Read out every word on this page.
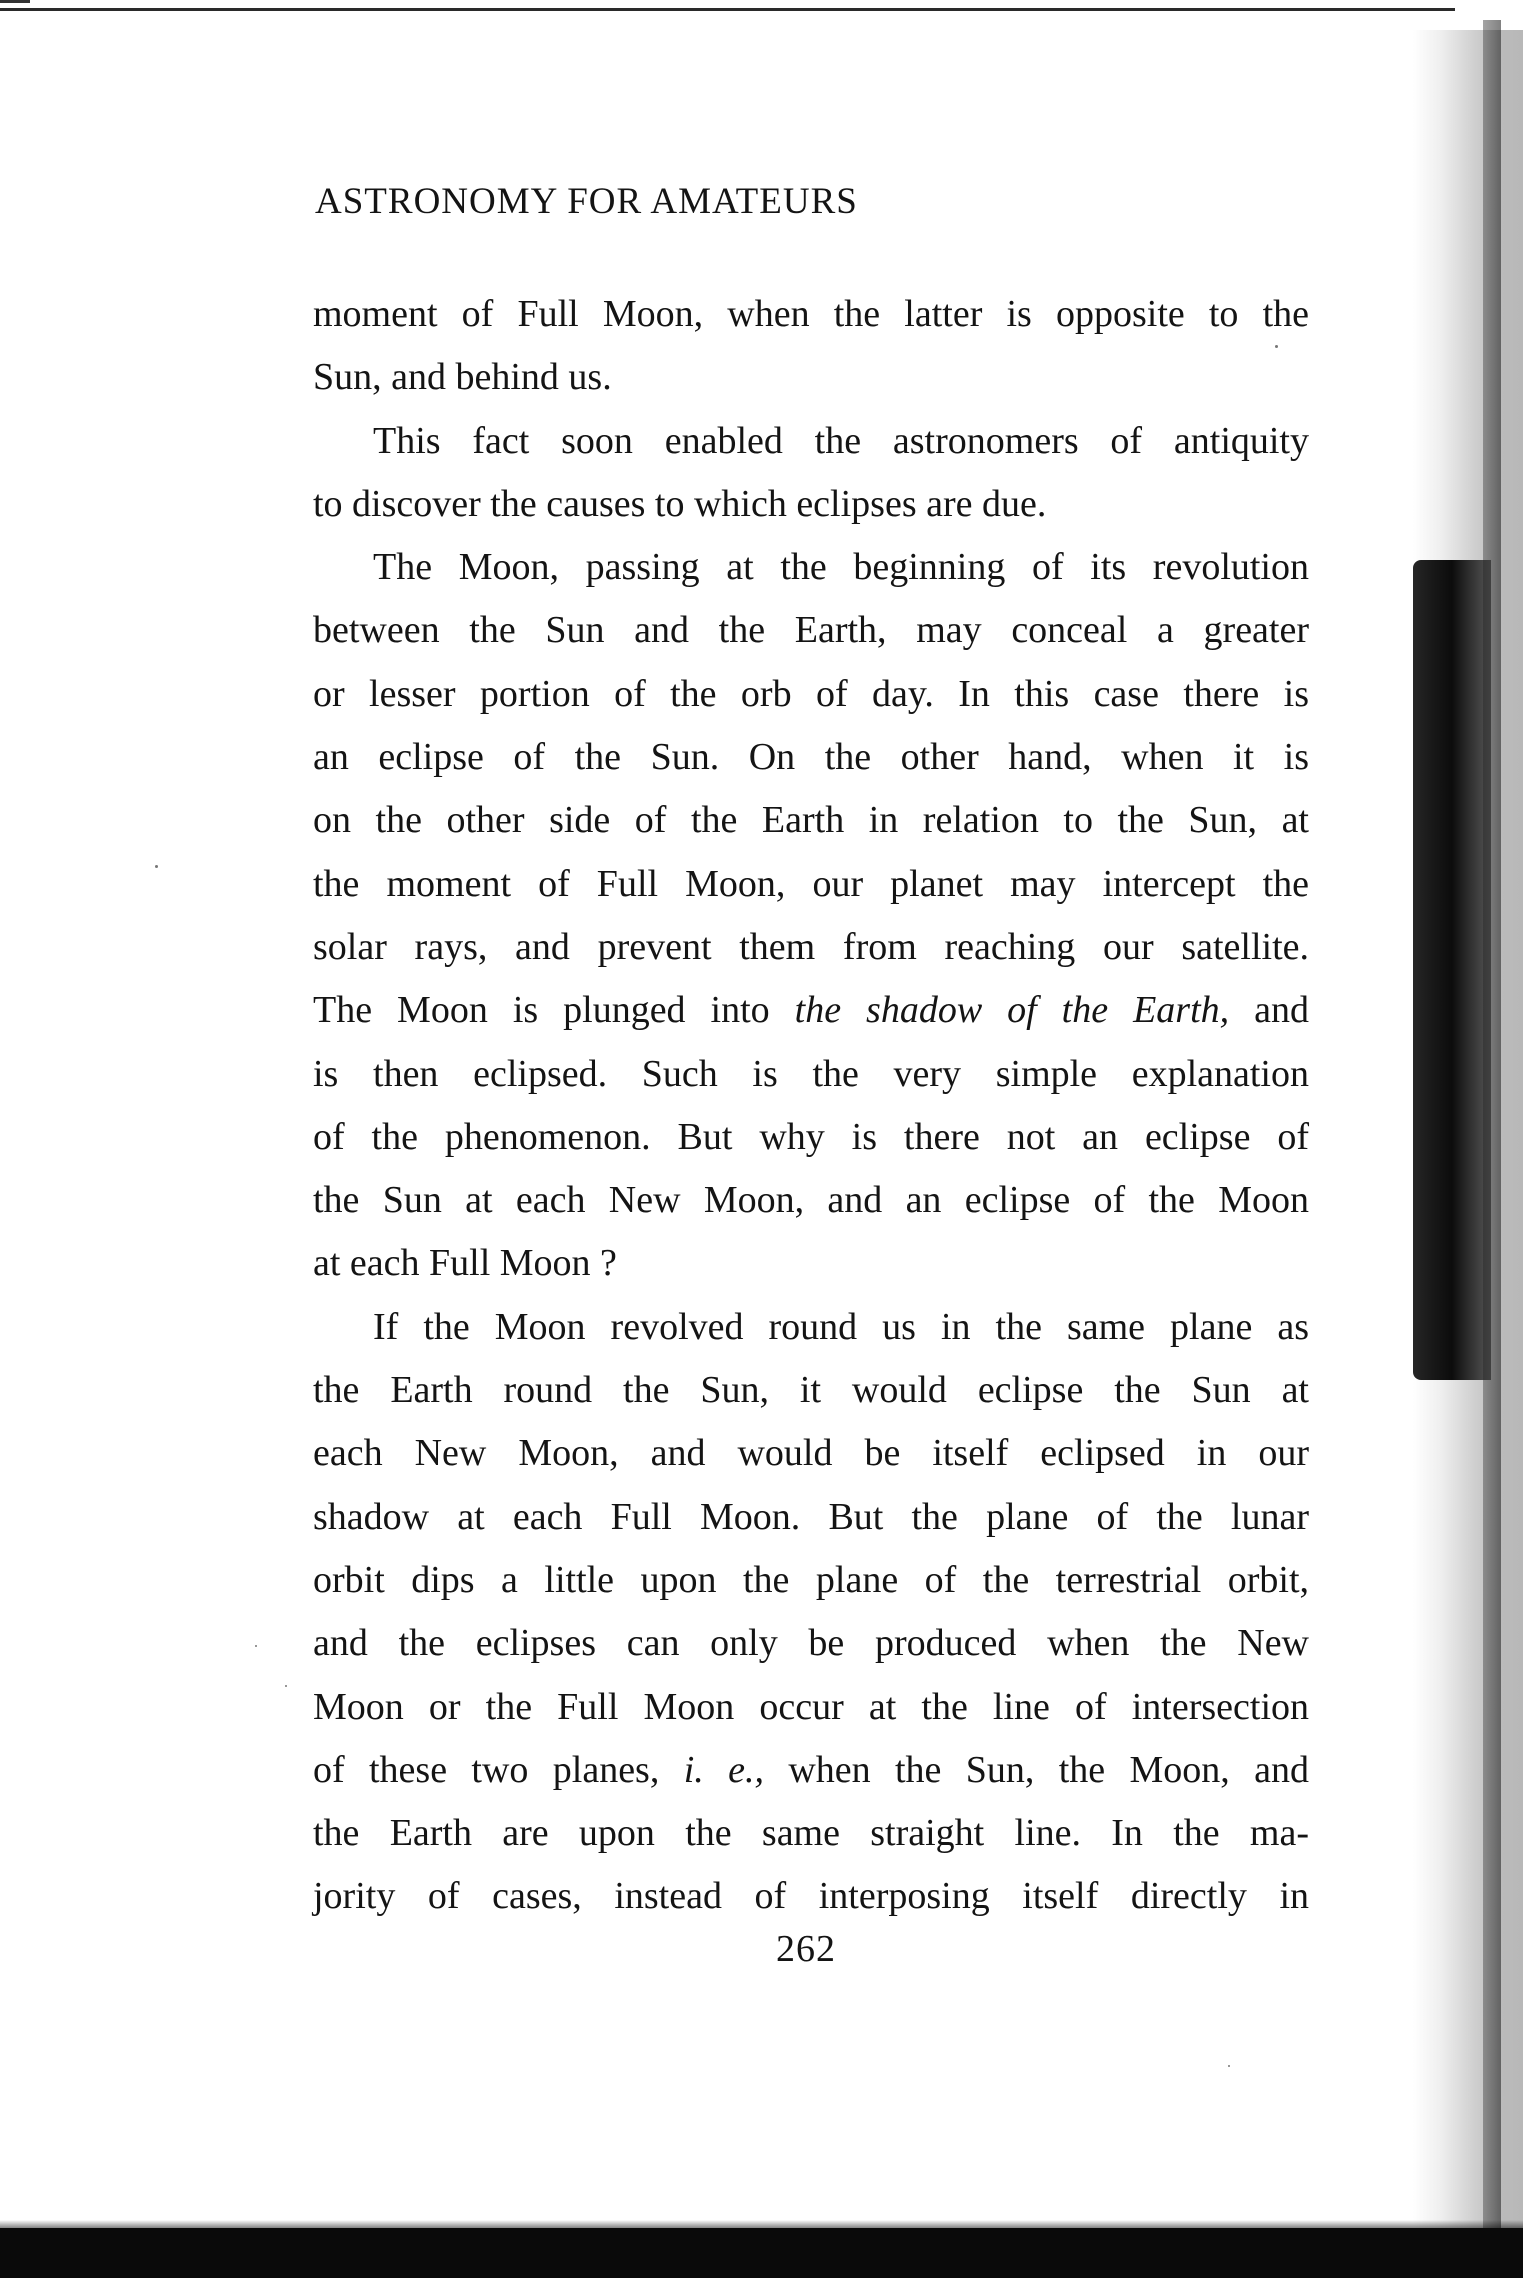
ASTRONOMY FOR AMATEURS
moment of Full Moon, when the latter is opposite to the
Sun, and behind us.
This fact soon enabled the astronomers of antiquity
to discover the causes to which eclipses are due.
The Moon, passing at the beginning of its revolution
between the Sun and the Earth, may conceal a greater
or lesser portion of the orb of day. In this case there is
an eclipse of the Sun. On the other hand, when it is
on the other side of the Earth in relation to the Sun, at
the moment of Full Moon, our planet may intercept the
solar rays, and prevent them from reaching our satellite.
The Moon is plunged into the shadow of the Earth, and
is then eclipsed. Such is the very simple explanation
of the phenomenon. But why is there not an eclipse of
the Sun at each New Moon, and an eclipse of the Moon
at each Full Moon ?
If the Moon revolved round us in the same plane as
the Earth round the Sun, it would eclipse the Sun at
each New Moon, and would be itself eclipsed in our
shadow at each Full Moon. But the plane of the lunar
orbit dips a little upon the plane of the terrestrial orbit,
and the eclipses can only be produced when the New
Moon or the Full Moon occur at the line of intersection
of these two planes, i. e., when the Sun, the Moon, and
the Earth are upon the same straight line. In the ma-
jority of cases, instead of interposing itself directly in
262
